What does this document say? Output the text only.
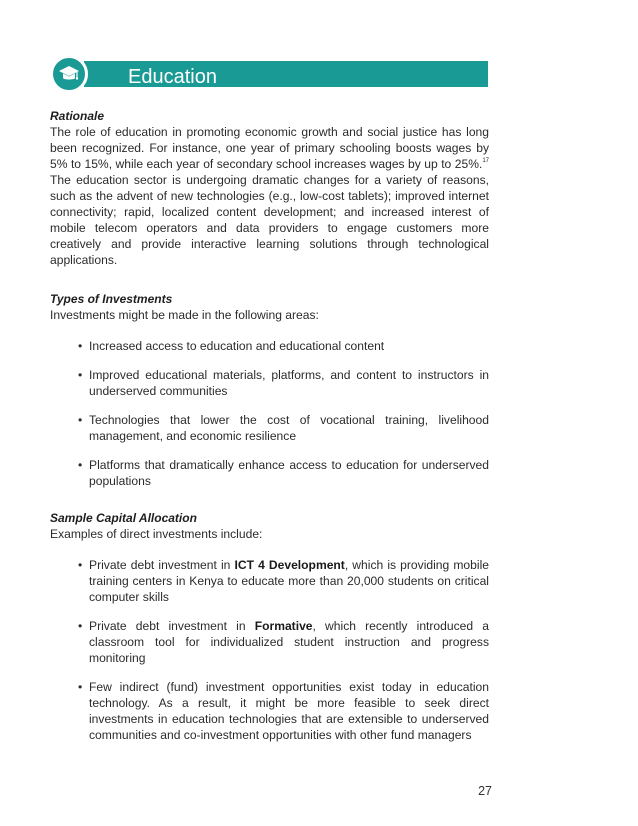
Education
Rationale

The role of education in promoting economic growth and social justice has long been recognized. For instance, one year of primary schooling boosts wages by 5% to 15%, while each year of secondary school increases wages by up to 25%.$^{17}$ The education sector is undergoing dramatic changes for a variety of reasons, such as the advent of new technologies (e.g., low-cost tablets); improved internet connectivity; rapid, localized content development; and increased interest of mobile telecom operators and data providers to engage customers more creatively and provide interactive learning solutions through technological applications.

Types of Investments

Investments might be made in the following areas:

• Increased access to education and educational content
• Improved educational materials, platforms, and content to instructors in underserved communities
• Technologies that lower the cost of vocational training, livelihood management, and economic resilience
• Platforms that dramatically enhance access to education for underserved populations
Sample Capital Allocation

Examples of direct investments include:

• Private debt investment in ICT 4 Development, which is providing mobile training centers in Kenya to educate more than 20,000 students on critical computer skills
• Private debt investment in Formative, which recently introduced a classroom tool for individualized student instruction and progress monitoring
• Few indirect (fund) investment opportunities exist today in education technology. As a result, it might be more feasible to seek direct investments in education technologies that are extensible to underserved communities and co-investment opportunities with other fund managers
27
